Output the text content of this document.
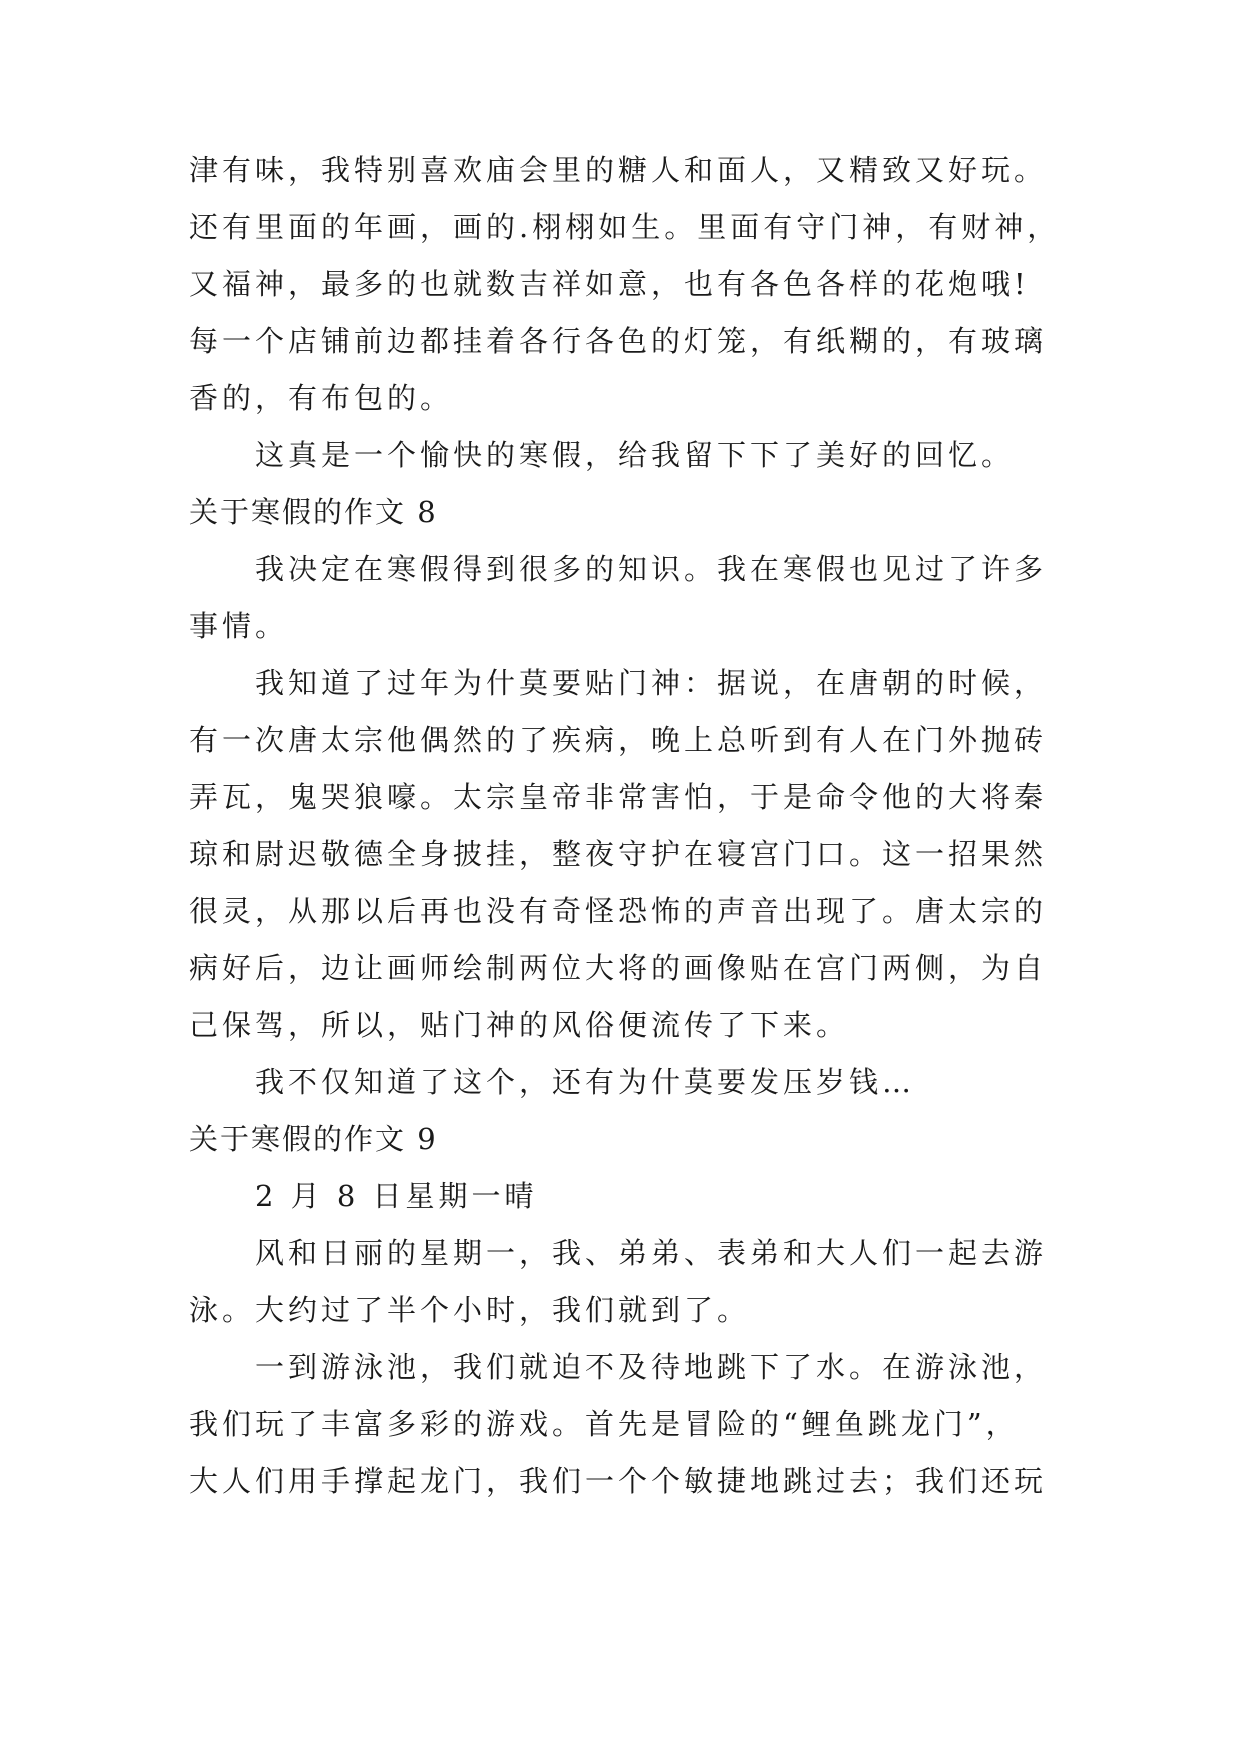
津有味，我特别喜欢庙会里的糖人和面人，又精致又好玩。
还有里面的年画，画的.栩栩如生。里面有守门神，有财神，
又福神，最多的也就数吉祥如意，也有各色各样的花炮哦!
每一个店铺前边都挂着各行各色的灯笼，有纸糊的，有玻璃
香的，有布包的。
这真是一个愉快的寒假，给我留下下了美好的回忆。
关于寒假的作文 8
我决定在寒假得到很多的知识。我在寒假也见过了许多
事情。
我知道了过年为什莫要贴门神：据说，在唐朝的时候，
有一次唐太宗他偶然的了疾病，晚上总听到有人在门外抛砖
弄瓦，鬼哭狼嚎。太宗皇帝非常害怕，于是命令他的大将秦
琼和尉迟敬德全身披挂，整夜守护在寝宫门口。这一招果然
很灵，从那以后再也没有奇怪恐怖的声音出现了。唐太宗的
病好后，边让画师绘制两位大将的画像贴在宫门两侧，为自
己保驾，所以，贴门神的风俗便流传了下来。
我不仅知道了这个，还有为什莫要发压岁钱…
关于寒假的作文 9
2 月 8 日星期一晴
风和日丽的星期一，我、弟弟、表弟和大人们一起去游
泳。大约过了半个小时，我们就到了。
一到游泳池，我们就迫不及待地跳下了水。在游泳池，
我们玩了丰富多彩的游戏。首先是冒险的“鲤鱼跳龙门”，
大人们用手撑起龙门，我们一个个敏捷地跳过去；我们还玩
